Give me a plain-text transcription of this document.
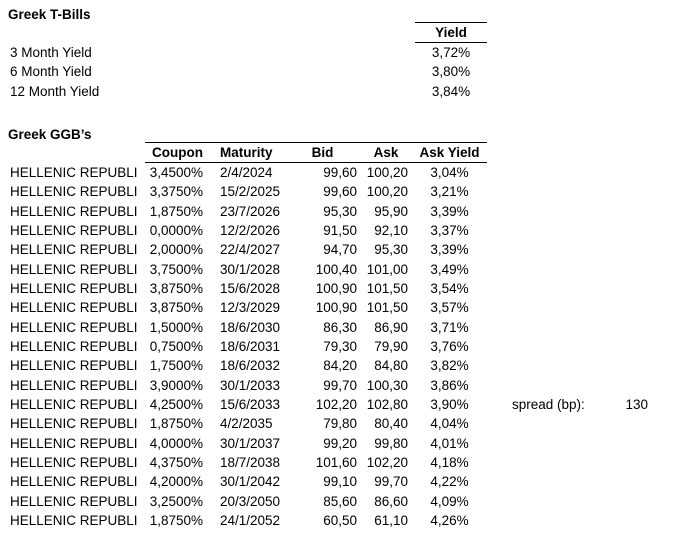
Greek T-Bills
Yield
3 Month Yield	3,72%
6 Month Yield	3,80%
12 Month Yield	3,84%
Greek GGB’s
Coupon	Maturity	Bid	Ask	Ask Yield
HELLENIC REPUBLI 3,4500%	2/4/2024	99,60 100,20	3,04%
HELLENIC REPUBLI 3,3750%	15/2/2025	99,60 100,20	3,21%
HELLENIC REPUBLI 1,8750%	23/7/2026	95,30	95,90	3,39%
HELLENIC REPUBLI 0,0000%	12/2/2026	91,50	92,10	3,37%
HELLENIC REPUBLI 2,0000%	22/4/2027	94,70	95,30	3,39%
HELLENIC REPUBLI 3,7500%	30/1/2028	100,40 101,00	3,49%
HELLENIC REPUBLI 3,8750%	15/6/2028	100,90 101,50	3,54%
HELLENIC REPUBLI 3,8750%	12/3/2029	100,90 101,50	3,57%
HELLENIC REPUBLI 1,5000%	18/6/2030	86,30	86,90	3,71%
HELLENIC REPUBLI 0,7500%	18/6/2031	79,30	79,90	3,76%
HELLENIC REPUBLI 1,7500%	18/6/2032	84,20	84,80	3,82%
HELLENIC REPUBLI 3,9000%	30/1/2033	99,70 100,30	3,86%
HELLENIC REPUBLI 4,2500%	15/6/2033	102,20 102,80	3,90%
HELLENIC REPUBLI 1,8750%	4/2/2035	79,80	80,40	4,04%
HELLENIC REPUBLI 4,0000%	30/1/2037	99,20	99,80	4,01%
HELLENIC REPUBLI 4,3750%	18/7/2038	101,60 102,20	4,18%
HELLENIC REPUBLI 4,2000%	30/1/2042	99,10	99,70	4,22%
HELLENIC REPUBLI 3,2500%	20/3/2050	85,60	86,60	4,09%
HELLENIC REPUBLI 1,8750%	24/1/2052	60,50	61,10	4,26%
spread (bp):	130
